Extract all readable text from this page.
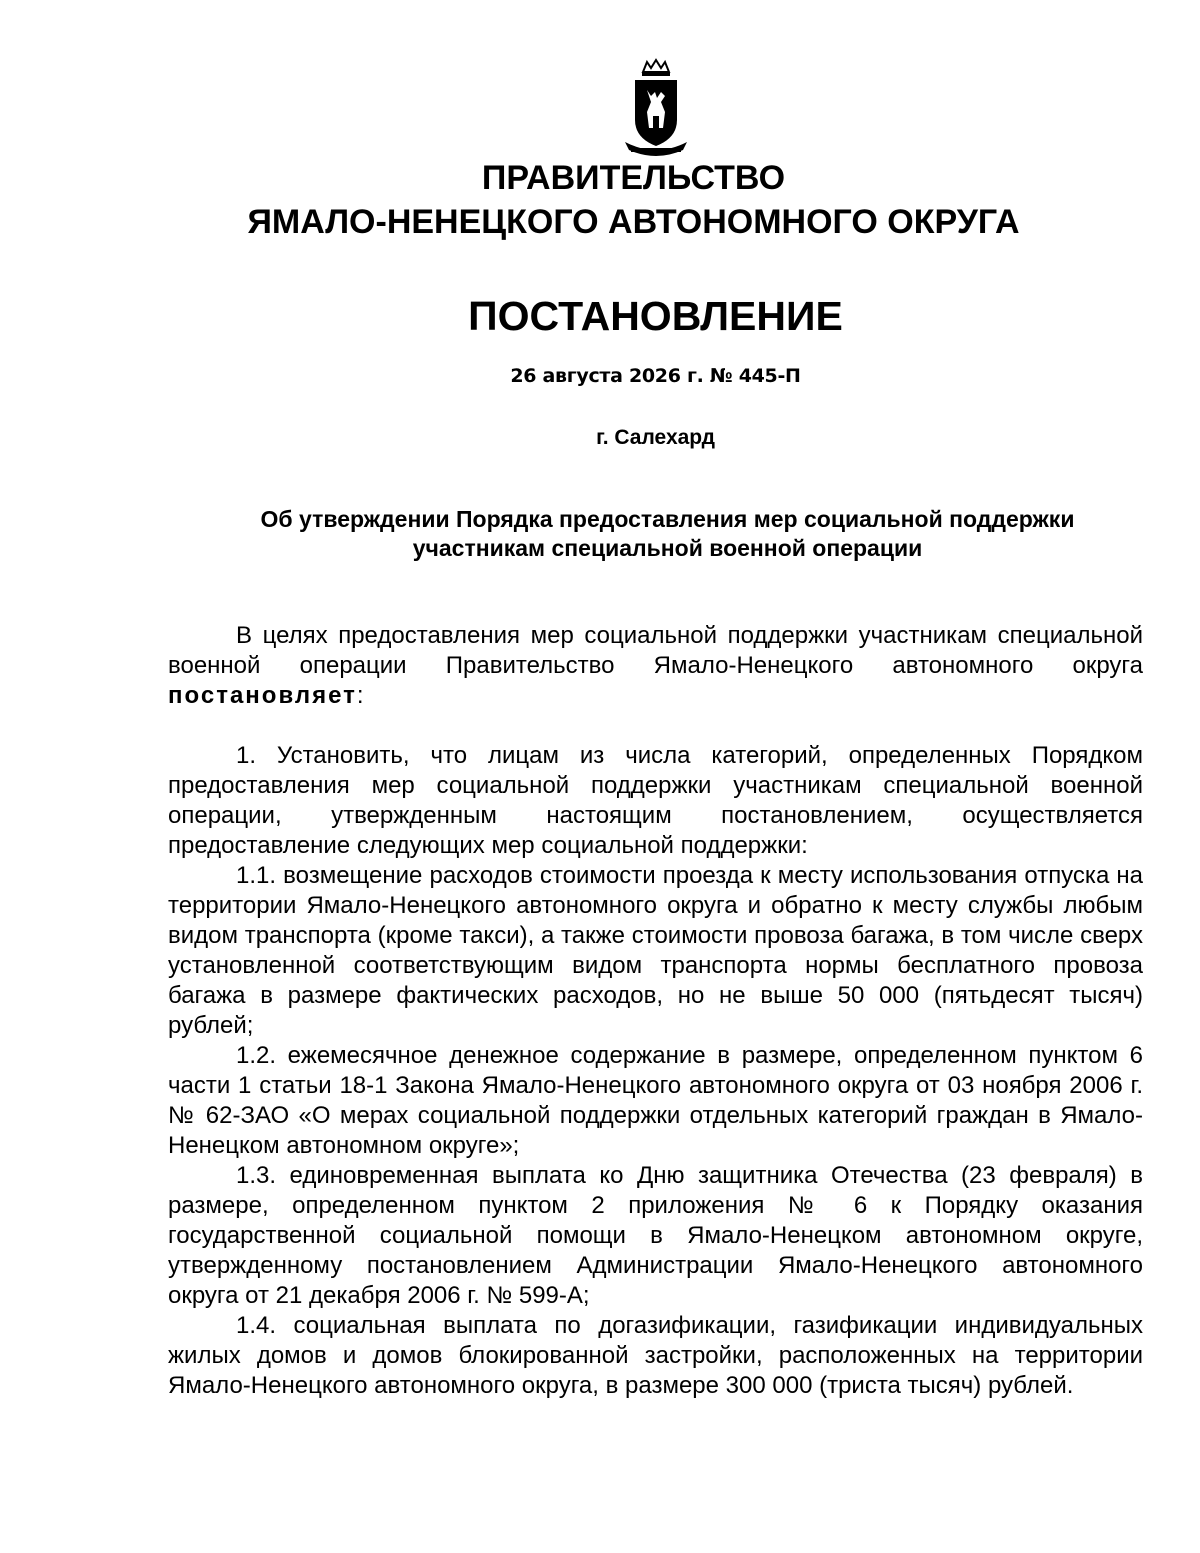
ПРАВИТЕЛЬСТВО
ЯМАЛО-НЕНЕЦКОГО АВТОНОМНОГО ОКРУГА
ПОСТАНОВЛЕНИЕ
26 августа 2026 г. № 445-П
г. Салехард
Об утверждении Порядка предоставления мер социальной поддержки
участникам специальной военной операции

В целях предоставления мер социальной поддержки участникам специальной военной операции Правительство Ямало-Ненецкого автономного округа постановляет:

1. Установить, что лицам из числа категорий, определенных Порядком предоставления мер социальной поддержки участникам специальной военной операции, утвержденным настоящим постановлением, осуществляется предоставление следующих мер социальной поддержки:

1.1. возмещение расходов стоимости проезда к месту использования отпуска на территории Ямало-Ненецкого автономного округа и обратно к месту службы любым видом транспорта (кроме такси), а также стоимости провоза багажа, в том числе сверх установленной соответствующим видом транспорта нормы бесплатного провоза багажа в размере фактических расходов, но не выше 50 000 (пятьдесят тысяч) рублей;

1.2. ежемесячное денежное содержание в размере, определенном пунктом 6 части 1 статьи 18-1 Закона Ямало-Ненецкого автономного округа от 03 ноября 2006 г. № 62-ЗАО «О мерах социальной поддержки отдельных категорий граждан в Ямало-Ненецком автономном округе»;

1.3. единовременная выплата ко Дню защитника Отечества (23 февраля) в размере, определенном пунктом 2 приложения № 6 к Порядку оказания государственной социальной помощи в Ямало-Ненецком автономном округе, утвержденному постановлением Администрации Ямало-Ненецкого автономного округа от 21 декабря 2006 г. № 599-А;

1.4. социальная выплата по догазификации, газификации индивидуальных жилых домов и домов блокированной застройки, расположенных на территории Ямало-Ненецкого автономного округа, в размере 300 000 (триста тысяч) рублей.
